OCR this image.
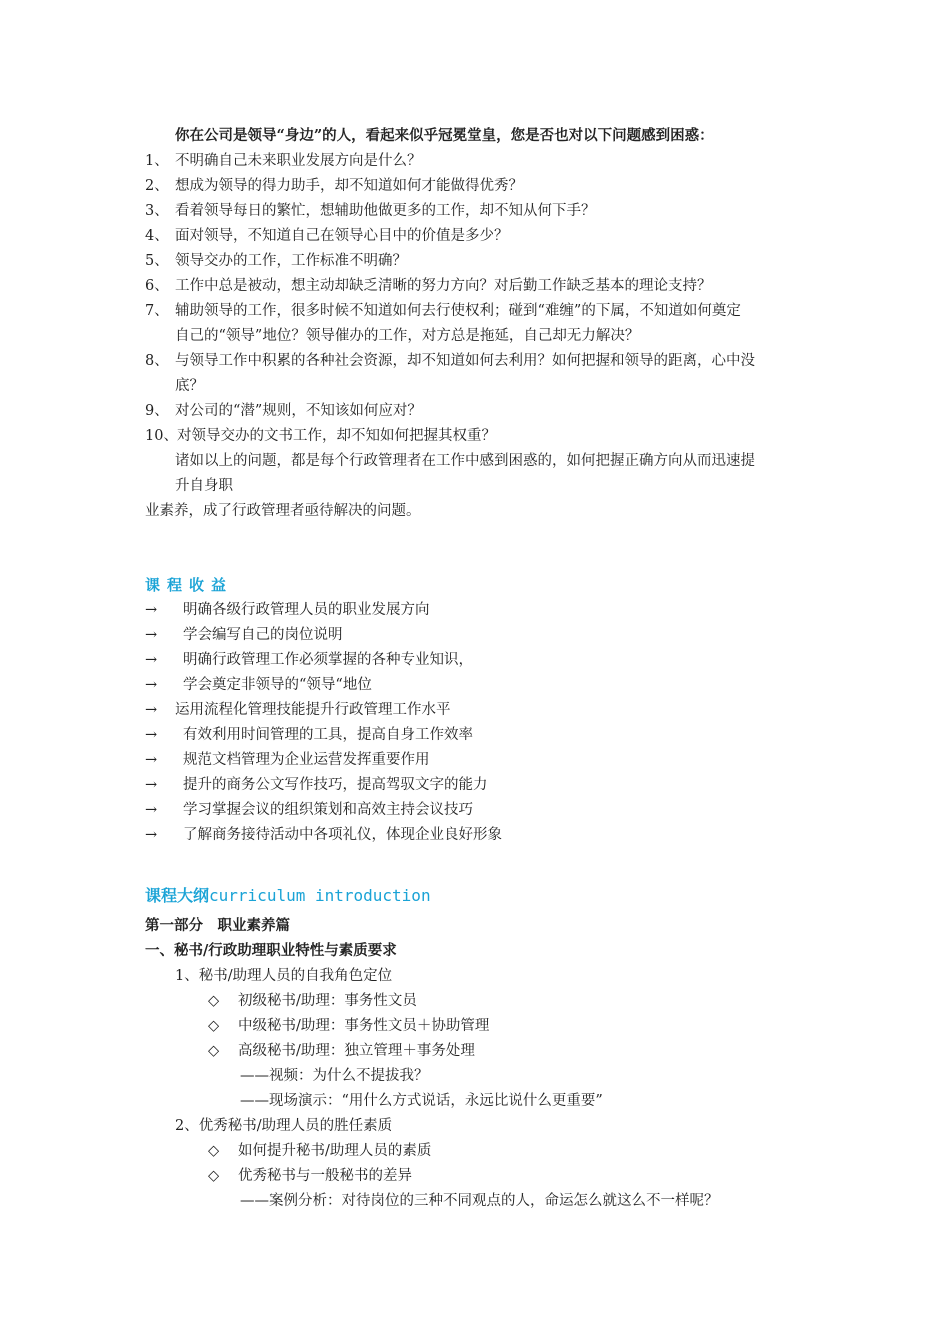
你在公司是领导“身边”的人，看起来似乎冠冕堂皇，您是否也对以下问题感到困惑：
1、 不明确自己未来职业发展方向是什么？
2、 想成为领导的得力助手，却不知道如何才能做得优秀？
3、 看着领导每日的繁忙，想辅助他做更多的工作，却不知从何下手？
4、 面对领导，不知道自己在领导心目中的价值是多少？
5、 领导交办的工作，工作标准不明确？
6、 工作中总是被动，想主动却缺乏清晰的努力方向？对后勤工作缺乏基本的理论支持？
7、 辅助领导的工作，很多时候不知道如何去行使权利；碰到“难缠”的下属，不知道如何奠定
自己的“领导”地位？领导催办的工作，对方总是拖延，自己却无力解决？
8、 与领导工作中积累的各种社会资源，却不知道如何去利用？如何把握和领导的距离，心中没
底？
9、 对公司的“潜”规则，不知该如何应对？
10、对领导交办的文书工作，却不知如何把握其权重？
诸如以上的问题，都是每个行政管理者在工作中感到困惑的，如何把握正确方向从而迅速提
升自身职
业素养，成了行政管理者亟待解决的问题。
课程收益
→ 明确各级行政管理人员的职业发展方向
→ 学会编写自己的岗位说明
→ 明确行政管理工作必须掌握的各种专业知识，
→ 学会奠定非领导的“领导“地位
→ 运用流程化管理技能提升行政管理工作水平
→ 有效利用时间管理的工具，提高自身工作效率
→ 规范文档管理为企业运营发挥重要作用
→ 提升的商务公文写作技巧，提高驾驭文字的能力
→ 学习掌握会议的组织策划和高效主持会议技巧
→ 了解商务接待活动中各项礼仪，体现企业良好形象
课程大纲curriculum introduction
第一部分　职业素养篇
一、秘书/行政助理职业特性与素质要求
1、秘书/助理人员的自我角色定位
◇ 初级秘书/助理：事务性文员
◇ 中级秘书/助理：事务性文员＋协助管理
◇ 高级秘书/助理：独立管理＋事务处理
——视频：为什么不提拔我？
——现场演示：“用什么方式说话，永远比说什么更重要”
2、优秀秘书/助理人员的胜任素质
◇ 如何提升秘书/助理人员的素质
◇ 优秀秘书与一般秘书的差异
——案例分析：对待岗位的三种不同观点的人，命运怎么就这么不一样呢？
